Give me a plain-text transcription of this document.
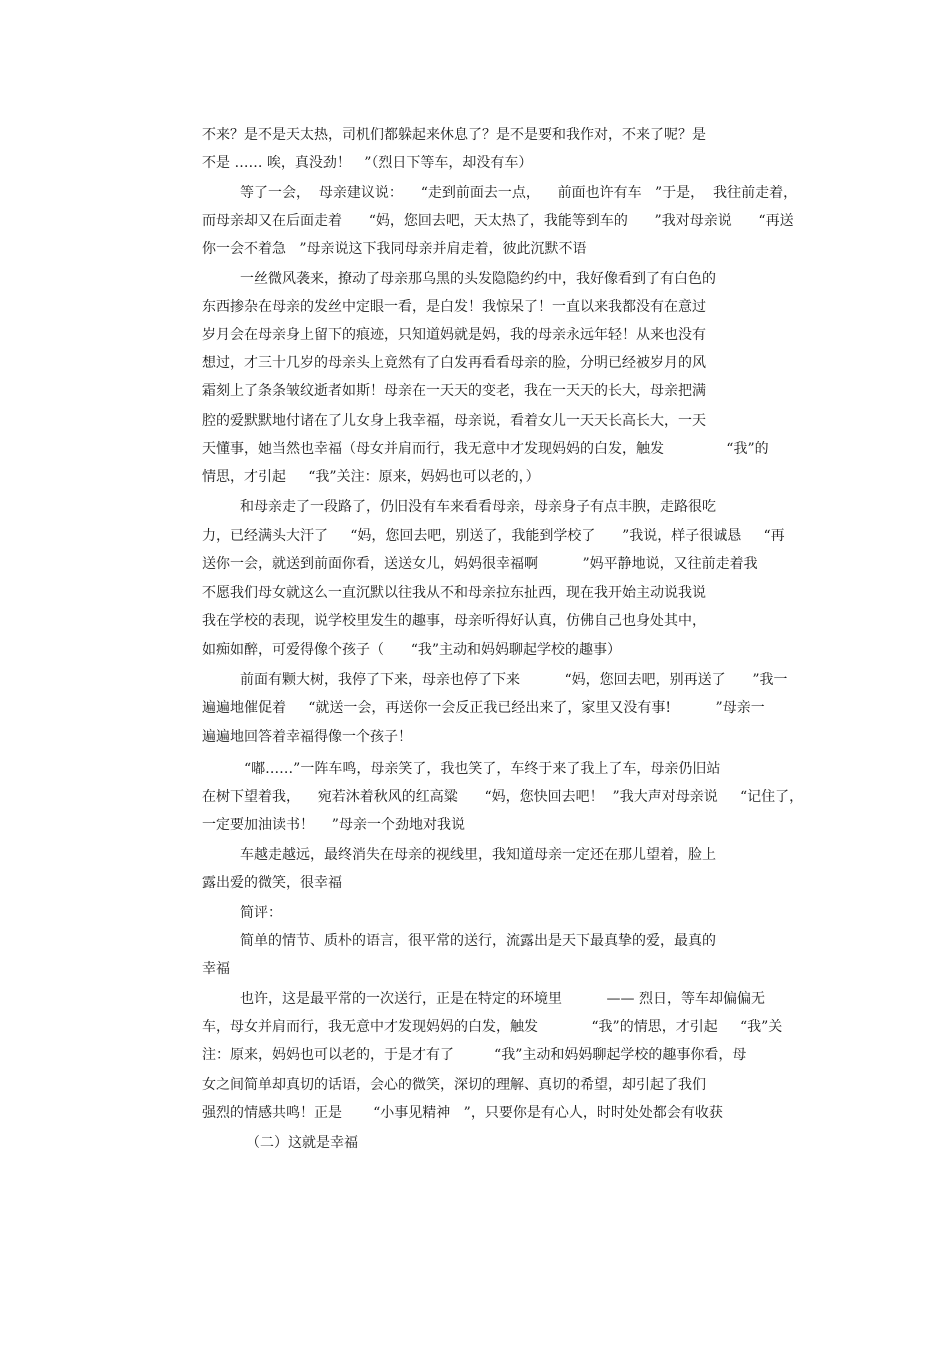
不来？是不是天太热，司机们都躲起来休息了？是不是要和我作对，不来了呢？是
不是 …… 唉，真没劲！   ”（烈日下等车，却没有车）
等了一会，  母亲建议说：    “走到前面去一点，    前面也许有车   ”于是，  我往前走着，
而母亲却又在后面走着      “妈，您回去吧，天太热了，我能等到车的      ”我对母亲说      “再送
你一会不着急   ”母亲说这下我同母亲并肩走着，彼此沉默不语
一丝微风袭来，撩动了母亲那乌黑的头发隐隐约约中，我好像看到了有白色的
东西掺杂在母亲的发丝中定眼一看，是白发！我惊呆了！一直以来我都没有在意过
岁月会在母亲身上留下的痕迹，只知道妈就是妈，我的母亲永远年轻！从来也没有
想过，才三十几岁的母亲头上竟然有了白发再看看母亲的脸，分明已经被岁月的风
霜刻上了条条皱纹逝者如斯！母亲在一天天的变老，我在一天天的长大，母亲把满
腔的爱默默地付诸在了儿女身上我幸福，母亲说，看着女儿一天天长高长大，一天
天懂事，她当然也幸福（母女并肩而行，我无意中才发现妈妈的白发，触发              “我”的
情思，才引起     “我”关注：原来，妈妈也可以老的，）
和母亲走了一段路了，仍旧没有车来看看母亲，母亲身子有点丰腴，走路很吃
力，已经满头大汗了     “妈，您回去吧，别送了，我能到学校了      ”我说，样子很诚恳     “再
送你一会，就送到前面你看，送送女儿，妈妈很幸福啊          ”妈平静地说，又往前走着我
不愿我们母女就这么一直沉默以往我从不和母亲拉东扯西，现在我开始主动说我说
我在学校的表现，说学校里发生的趣事，母亲听得好认真，仿佛自己也身处其中，
如痴如醉，可爱得像个孩子（      “我”主动和妈妈聊起学校的趣事）
前面有颗大树，我停了下来，母亲也停了下来          “妈，您回去吧，别再送了      ”我一
遍遍地催促着     “就送一会，再送你一会反正我已经出来了，家里又没有事!          ”母亲一
遍遍地回答着幸福得像一个孩子！
“嘟……”一阵车鸣，母亲笑了，我也笑了，车终于来了我上了车，母亲仍旧站
在树下望着我，    宛若沐着秋风的红高粱      “妈，您快回去吧！  ”我大声对母亲说     “记住了，
一定要加油读书！    ”母亲一个劲地对我说
车越走越远，最终消失在母亲的视线里，我知道母亲一定还在那儿望着，脸上
露出爱的微笑，很幸福
简评：
简单的情节、质朴的语言，很平常的送行，流露出是天下最真挚的爱，最真的
幸福
也许，这是最平常的一次送行，正是在特定的环境里          —— 烈日，等车却偏偏无
车，母女并肩而行，我无意中才发现妈妈的白发，触发            “我”的情思，才引起     “我”关
注：原来，妈妈也可以老的，于是才有了         “我”主动和妈妈聊起学校的趣事你看，母
女之间简单却真切的话语，会心的微笑，深切的理解、真切的希望，却引起了我们
强烈的情感共鸣！正是       “小事见精神   ”，只要你是有心人，时时处处都会有收获
（二）这就是幸福
